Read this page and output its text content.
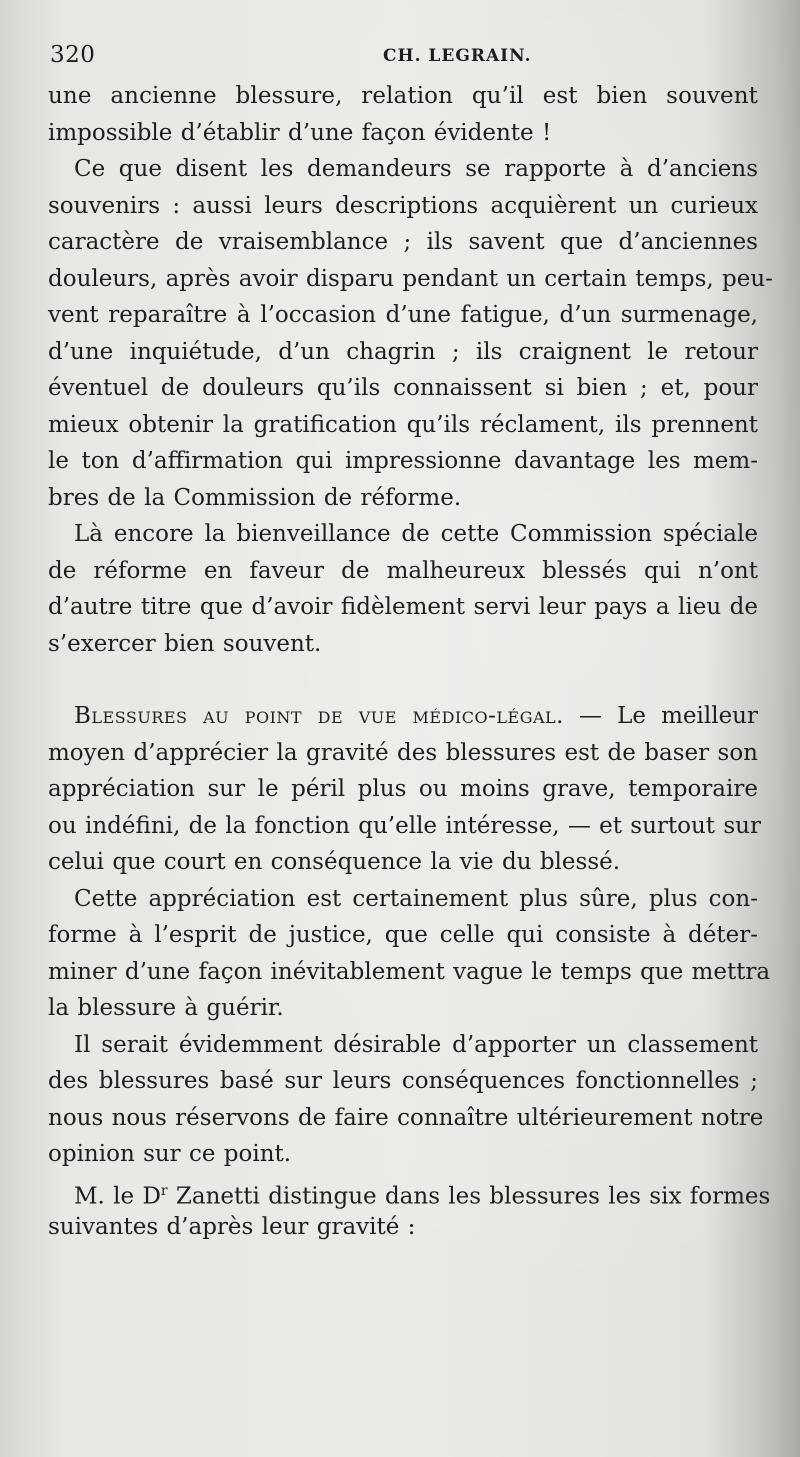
320	CH. LEGRAIN.
une ancienne blessure, relation qu’il est bien souvent
impossible d’établir d’une façon évidente !
Ce que disent les demandeurs se rapporte à d’anciens
souvenirs : aussi leurs descriptions acquièrent un curieux
caractère de vraisemblance ; ils savent que d’anciennes
douleurs, après avoir disparu pendant un certain temps, peu-
vent reparaître à l’occasion d’une fatigue, d’un surmenage,
d’une inquiétude, d’un chagrin ; ils craignent le retour
éventuel de douleurs qu’ils connaissent si bien ; et, pour
mieux obtenir la gratification qu’ils réclament, ils prennent
le ton d’affirmation qui impressionne davantage les mem-
bres de la Commission de réforme.
Là encore la bienveillance de cette Commission spéciale
de réforme en faveur de malheureux blessés qui n’ont
d’autre titre que d’avoir fidèlement servi leur pays a lieu de
s’exercer bien souvent.
Blessures au point de vue médico-légal. — Le meilleur
moyen d’apprécier la gravité des blessures est de baser son
appréciation sur le péril plus ou moins grave, temporaire
ou indéfini, de la fonction qu’elle intéresse, — et surtout sur
celui que court en conséquence la vie du blessé.
Cette appréciation est certainement plus sûre, plus con-
forme à l’esprit de justice, que celle qui consiste à déter-
miner d’une façon inévitablement vague le temps que mettra
la blessure à guérir.
Il serait évidemment désirable d’apporter un classement
des blessures basé sur leurs conséquences fonctionnelles ;
nous nous réservons de faire connaître ultérieurement notre
opinion sur ce point.
M. le $D^r$ Zanetti distingue dans les blessures les six formes
suivantes d’après leur gravité :
